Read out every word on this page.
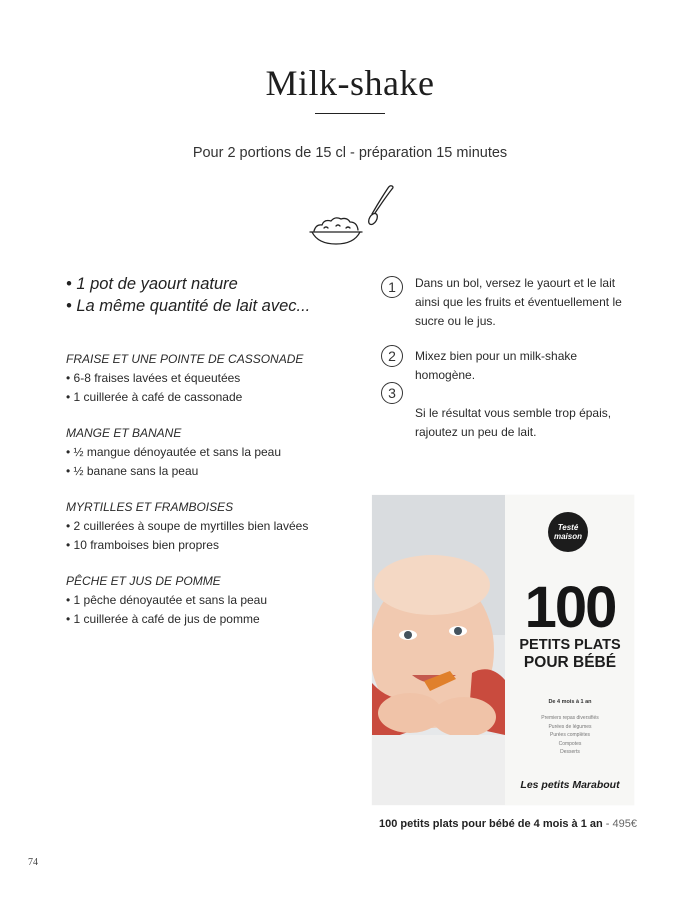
Milk-shake
Pour 2 portions de 15 cl - préparation 15 minutes
• 1 pot de yaourt nature
• La même quantité de lait avec...
FRAISE ET UNE POINTE DE CASSONADE
• 6-8 fraises lavées et équeutées
• 1 cuillerée à café de cassonade
MANGE ET BANANE
• ½ mangue dénoyautée et sans la peau
• ½ banane sans la peau
MYRTILLES ET FRAMBOISES
• 2 cuillerées à soupe de myrtilles bien lavées
• 10 framboises bien propres
PÊCHE ET JUS DE POMME
• 1 pêche dénoyautée et sans la peau
• 1 cuillerée à café de jus de pomme
1	Dans un bol, versez le yaourt et le lait ainsi que les fruits et éventuellement le sucre ou le jus.
2	Mixez bien pour un milk-shake homogène.
3
Si le résultat vous semble trop épais, rajoutez un peu de lait.
Testé maison
100
PETITS PLATS
POUR BÉBÉ
De 4 mois à 1 an
Premiers repas diversifiés
Purées de légumes
Purées complètes
Compotes
Desserts
Les petits Marabout
100 petits plats pour bébé de 4 mois à 1 an - 495€
74
